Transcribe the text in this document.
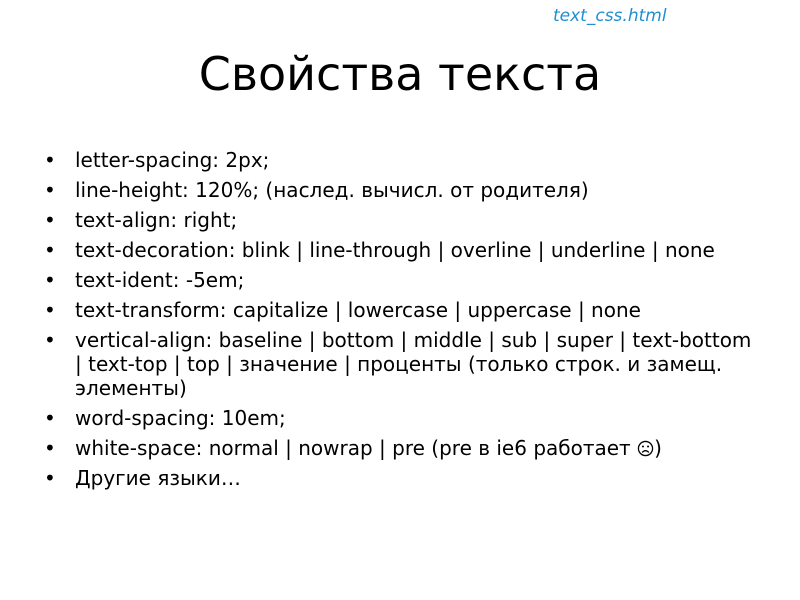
text_css.html
Свойства текста
• letter-spacing: 2px;
• line-height: 120%; (наслед. вычисл. от родителя)
• text-align: right;
• text-decoration: blink | line-through | overline | underline | none
• text-ident: -5em;
• text-transform: capitalize | lowercase | uppercase | none
• vertical-align: baseline | bottom | middle | sub | super | text-bottom | text-top | top | значение | проценты (только строк. и замещ. элементы)
• word-spacing: 10em;
• white-space: normal | nowrap | pre (pre в ie6 работает )
• Другие языки…
